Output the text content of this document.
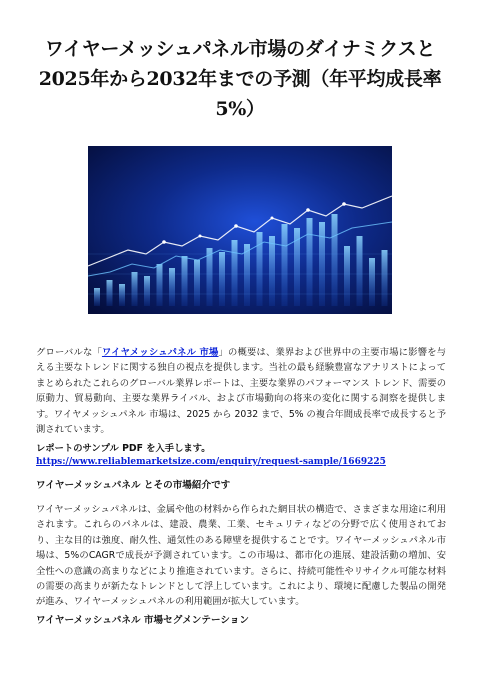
ワイヤーメッシュパネル市場のダイナミクスと2025年から2032年までの予測（年平均成長率5%）

グローバルな「ワイヤメッシュパネル 市場」の概要は、業界および世界中の主要市場に影響を与える主要なトレンドに関する独自の視点を提供します。当社の最も経験豊富なアナリストによってまとめられたこれらのグローバル業界レポートは、主要な業界のパフォーマンス トレンド、需要の原動力、貿易動向、主要な業界ライバル、および市場動向の将来の変化に関する洞察を提供します。ワイヤメッシュパネル 市場は、2025 から 2032 まで、5% の複合年間成長率で成長すると予測されています。

レポートのサンプル PDF を入手します。https://www.reliablemarketsize.com/enquiry/request-sample/1669225

ワイヤーメッシュパネル とその市場紹介です

ワイヤーメッシュパネルは、金属や他の材料から作られた網目状の構造で、さまざまな用途に利用されます。これらのパネルは、建設、農業、工業、セキュリティなどの分野で広く使用されており、主な目的は強度、耐久性、通気性のある障壁を提供することです。ワイヤーメッシュパネル市場は、5%のCAGRで成長が予測されています。この市場は、都市化の進展、建設活動の増加、安全性への意識の高まりなどにより推進されています。さらに、持続可能性やリサイクル可能な材料の需要の高まりが新たなトレンドとして浮上しています。これにより、環境に配慮した製品の開発が進み、ワイヤーメッシュパネルの利用範囲が拡大しています。

ワイヤーメッシュパネル 市場セグメンテーション
